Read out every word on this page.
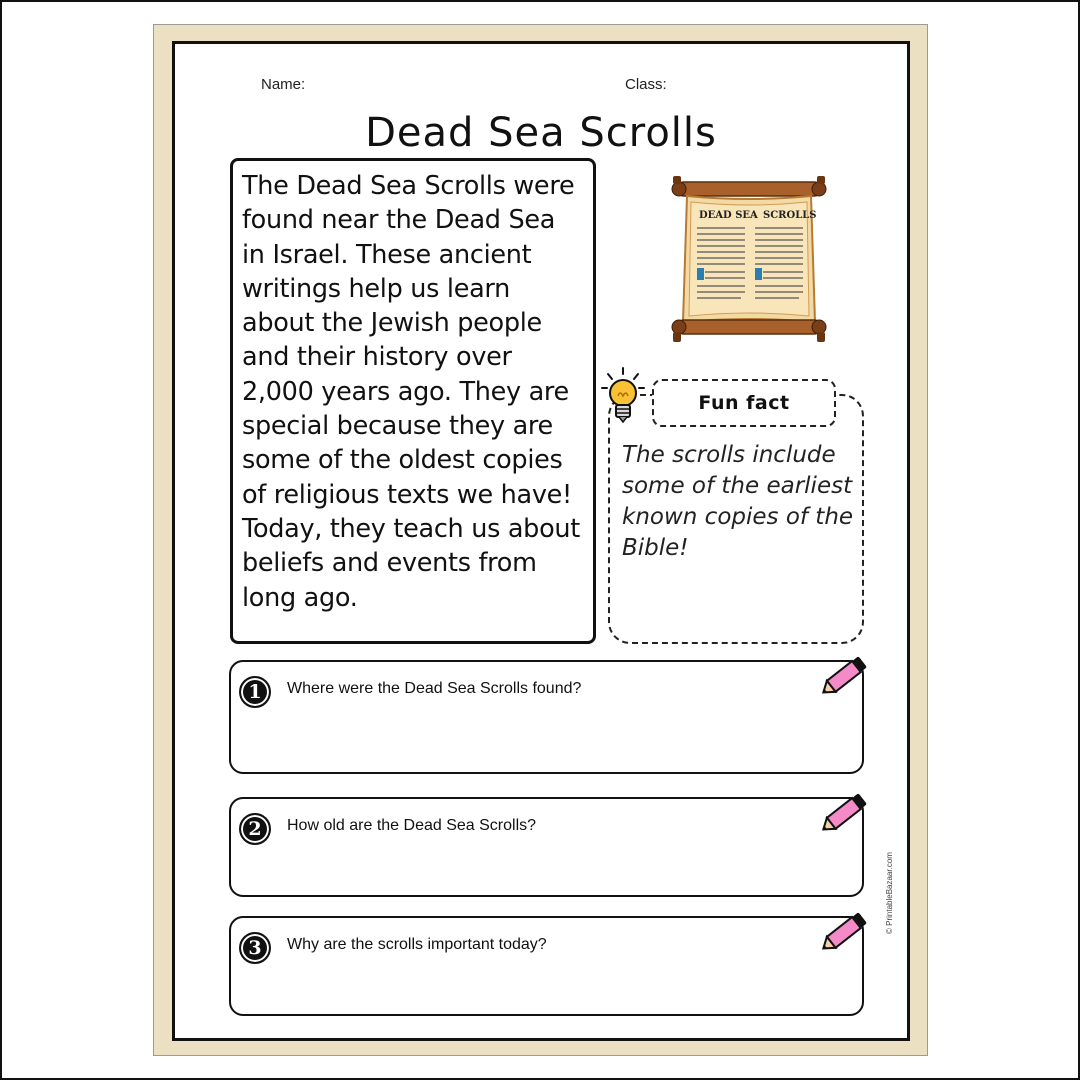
Name:	Class:
Dead Sea Scrolls

The Dead Sea Scrolls were found near the Dead Sea in Israel. These ancient writings help us learn about the Jewish people and their history over 2,000 years ago. They are special because they are some of the oldest copies of religious texts we have! Today, they teach us about beliefs and events from long ago.

DEAD SEA SCROLLS
Fun fact

The scrolls include some of the earliest known copies of the Bible!

1	Where were the Dead Sea Scrolls found?
2	How old are the Dead Sea Scrolls?
3	Why are the scrolls important today?
© PrintableBazaar.com
